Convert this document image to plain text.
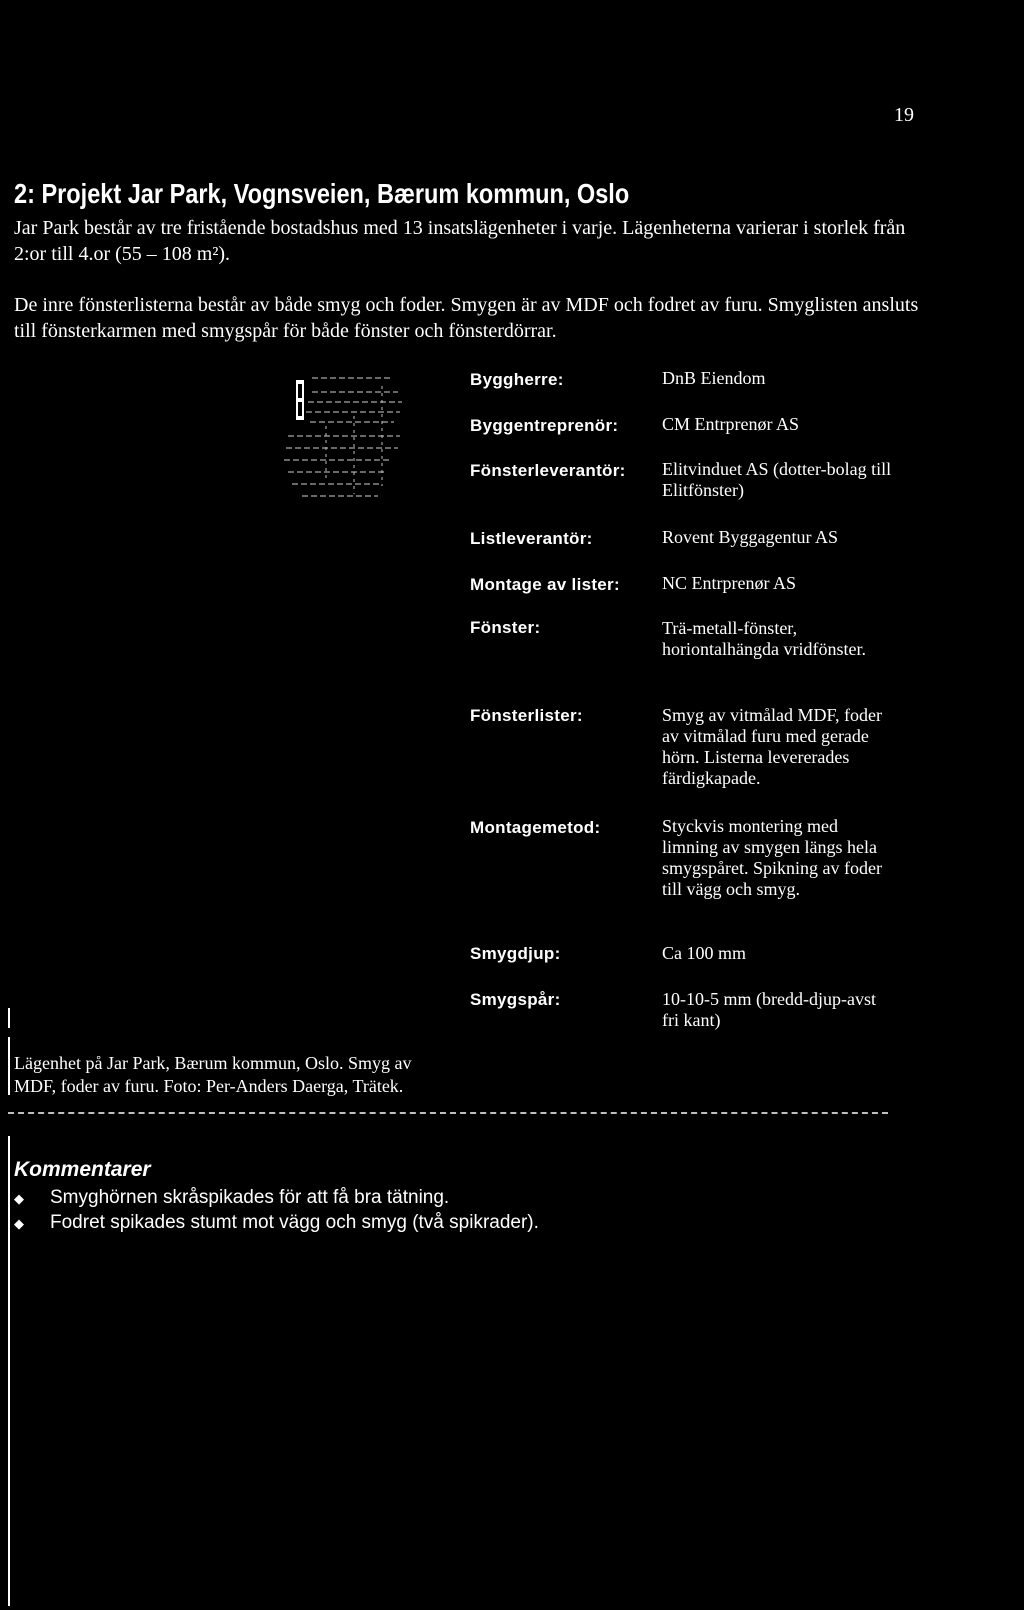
19
2: Projekt Jar Park, Vognsveien, Bærum kommun, Oslo
Jar Park består av tre fristående bostadshus med 13 insatslägenheter i varje. Lägenheterna varierar i storlek från 2:or till 4.or (55 – 108 m²).
De inre fönsterlisterna består av både smyg och foder. Smygen är av MDF och fodret av furu. Smyglisten ansluts till fönsterkarmen med smygspår för både fönster och fönsterdörrar.
Byggherre:	DnB Eiendom
Byggentreprenör: CM Entrprenør AS
Fönsterleverantör: Elitvinduet AS (dotter-bolag till Elitfönster)
Listleverantör:	Rovent Byggagentur AS
Montage av lister: NC Entrprenør AS
Fönster:	Trä-metall-fönster, horiontalhängda vridfönster.
Fönsterlister:	Smyg av vitmålad MDF, foder av vitmålad furu med gerade hörn. Listerna levererades färdigkapade.
Montagemetod:	Styckvis montering med limning av smygen längs hela smygspåret. Spikning av foder till vägg och smyg.
Smygdjup:	Ca 100 mm
Smygspår:	10-10-5 mm (bredd-djup-avst fri kant)
Lägenhet på Jar Park, Bærum kommun, Oslo. Smyg av MDF, foder av furu. Foto: Per-Anders Daerga, Trätek.
Kommentarer
◆	Smyghörnen skråspikades för att få bra tätning.
◆	Fodret spikades stumt mot vägg och smyg (två spikrader).
